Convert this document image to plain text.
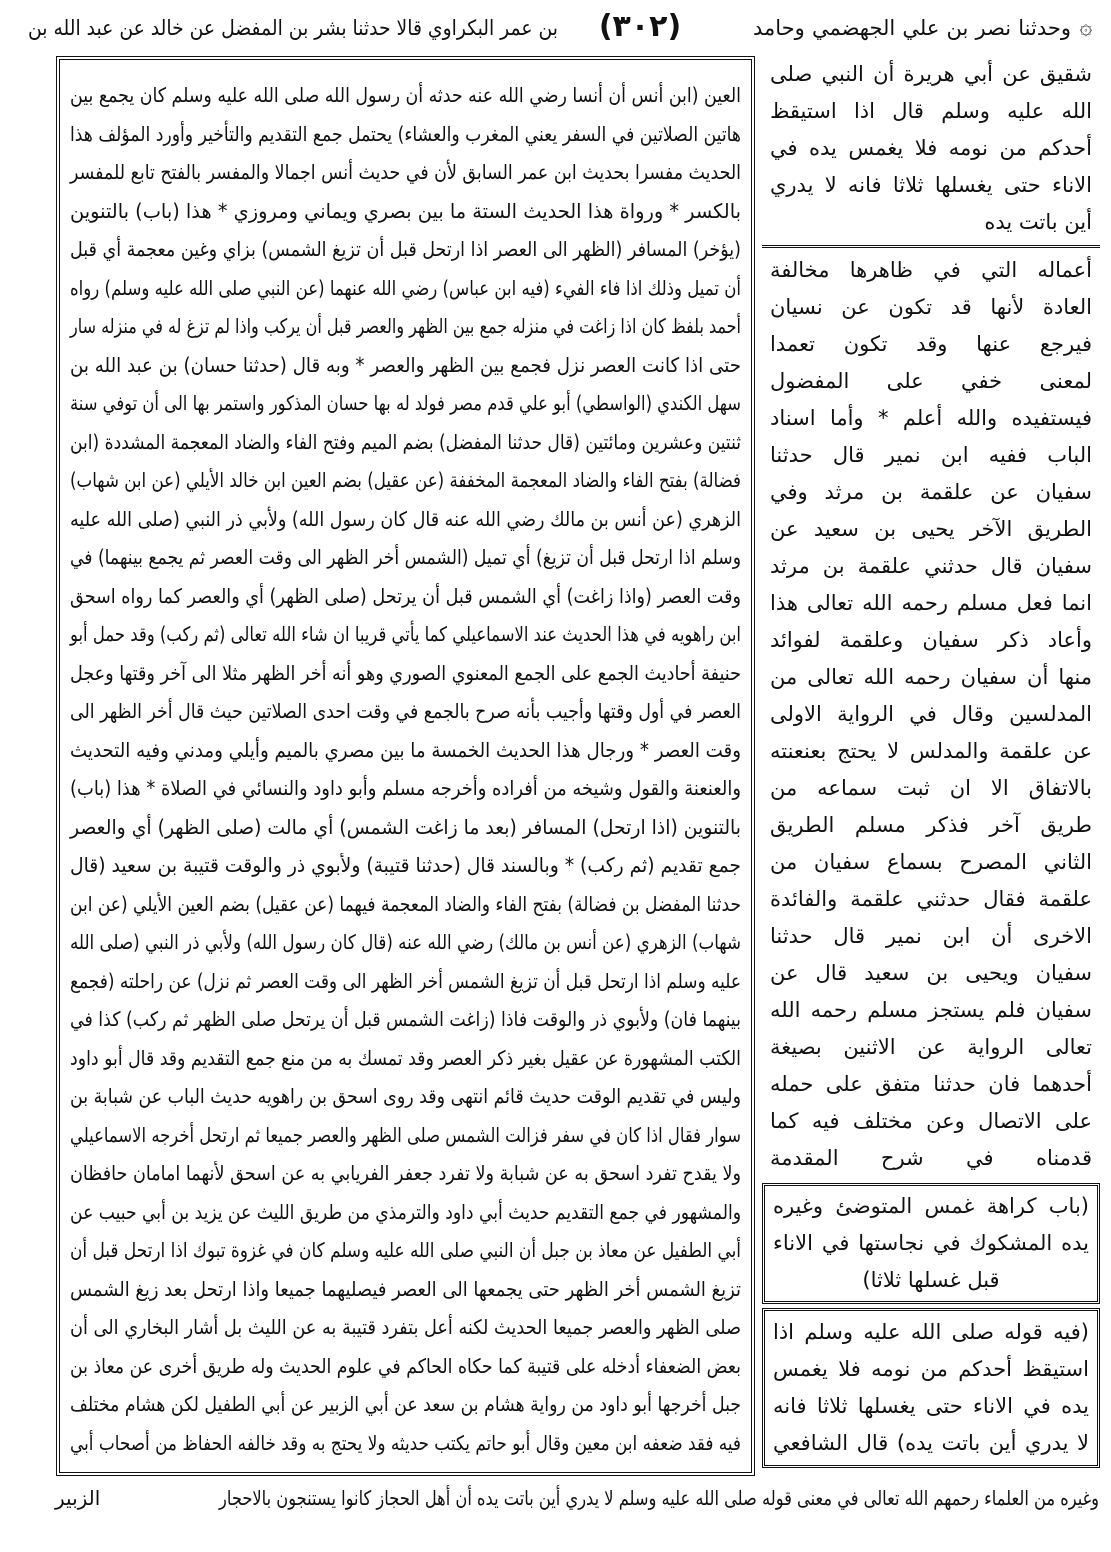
۞
وحدثنا نصر بن علي الجهضمي وحامد
(٣٠٢)
بن عمر البكراوي قالا حدثنا بشر بن المفضل عن خالد عن عبد الله بن
العين (ابن أنس أن أنسا رضي الله عنه حدثه أن رسول الله صلى الله عليه وسلم كان يجمع بين
هاتين الصلاتين في السفر يعني المغرب والعشاء) يحتمل جمع التقديم والتأخير وأورد المؤلف هذا
الحديث مفسرا بحديث ابن عمر السابق لأن في حديث أنس اجمالا والمفسر بالفتح تابع للمفسر
بالكسر * ورواة هذا الحديث الستة ما بين بصري ويماني ومروزي * هذا (باب) بالتنوين
(يؤخر) المسافر (الظهر الى العصر اذا ارتحل قبل أن تزيغ الشمس) بزاي وغين معجمة أي قبل
أن تميل وذلك اذا فاء الفيء (فيه ابن عباس) رضي الله عنهما (عن النبي صلى الله عليه وسلم) رواه
أحمد بلفظ كان اذا زاغت في منزله جمع بين الظهر والعصر قبل أن يركب واذا لم تزغ له في منزله سار
حتى اذا كانت العصر نزل فجمع بين الظهر والعصر * وبه قال (حدثنا حسان) بن عبد الله بن
سهل الكندي (الواسطي) أبو علي قدم مصر فولد له بها حسان المذكور واستمر بها الى أن توفي سنة
ثنتين وعشرين ومائتين (قال حدثنا المفضل) بضم الميم وفتح الفاء والضاد المعجمة المشددة (ابن
فضالة) بفتح الفاء والضاد المعجمة المخففة (عن عقيل) بضم العين ابن خالد الأيلي (عن ابن شهاب)
الزهري (عن أنس بن مالك رضي الله عنه قال كان رسول الله) ولأبي ذر النبي (صلى الله عليه
وسلم اذا ارتحل قبل أن تزيغ) أي تميل (الشمس أخر الظهر الى وقت العصر ثم يجمع بينهما) في
وقت العصر (واذا زاغت) أي الشمس قبل أن يرتحل (صلى الظهر) أي والعصر كما رواه اسحق
ابن راهويه في هذا الحديث عند الاسماعيلي كما يأتي قريبا ان شاء الله تعالى (ثم ركب) وقد حمل أبو
حنيفة أحاديث الجمع على الجمع المعنوي الصوري وهو أنه أخر الظهر مثلا الى آخر وقتها وعجل
العصر في أول وقتها وأجيب بأنه صرح بالجمع في وقت احدى الصلاتين حيث قال أخر الظهر الى
وقت العصر * ورجال هذا الحديث الخمسة ما بين مصري بالميم وأيلي ومدني وفيه التحديث
والعنعنة والقول وشيخه من أفراده وأخرجه مسلم وأبو داود والنسائي في الصلاة * هذا (باب)
بالتنوين (اذا ارتحل) المسافر (بعد ما زاغت الشمس) أي مالت (صلى الظهر) أي والعصر
جمع تقديم (ثم ركب) * وبالسند قال (حدثنا قتيبة) ولأبوي ذر والوقت قتيبة بن سعيد (قال
حدثنا المفضل بن فضالة) بفتح الفاء والضاد المعجمة فيهما (عن عقيل) بضم العين الأيلي (عن ابن
شهاب) الزهري (عن أنس بن مالك) رضي الله عنه (قال كان رسول الله) ولأبي ذر النبي (صلى الله
عليه وسلم اذا ارتحل قبل أن تزيغ الشمس أخر الظهر الى وقت العصر ثم نزل) عن راحلته (فجمع
بينهما فان) ولأبوي ذر والوقت فاذا (زاغت الشمس قبل أن يرتحل صلى الظهر ثم ركب) كذا في
الكتب المشهورة عن عقيل بغير ذكر العصر وقد تمسك به من منع جمع التقديم وقد قال أبو داود
وليس في تقديم الوقت حديث قائم انتهى وقد روى اسحق بن راهويه حديث الباب عن شبابة بن
سوار فقال اذا كان في سفر فزالت الشمس صلى الظهر والعصر جميعا ثم ارتحل أخرجه الاسماعيلي
ولا يقدح تفرد اسحق به عن شبابة ولا تفرد جعفر الفريابي به عن اسحق لأنهما امامان حافظان
والمشهور في جمع التقديم حديث أبي داود والترمذي من طريق الليث عن يزيد بن أبي حبيب عن
أبي الطفيل عن معاذ بن جبل أن النبي صلى الله عليه وسلم كان في غزوة تبوك اذا ارتحل قبل أن
تزيغ الشمس أخر الظهر حتى يجمعها الى العصر فيصليهما جميعا واذا ارتحل بعد زيغ الشمس
صلى الظهر والعصر جميعا الحديث لكنه أعل بتفرد قتيبة به عن الليث بل أشار البخاري الى أن
بعض الضعفاء أدخله على قتيبة كما حكاه الحاكم في علوم الحديث وله طريق أخرى عن معاذ بن
جبل أخرجها أبو داود من رواية هشام بن سعد عن أبي الزبير عن أبي الطفيل لكن هشام مختلف
فيه فقد ضعفه ابن معين وقال أبو حاتم يكتب حديثه ولا يحتج به وقد خالفه الحفاظ من أصحاب أبي
شقيق عن أبي هريرة أن النبي صلى
الله عليه وسلم قال اذا استيقظ
أحدكم من نومه فلا يغمس يده في
الاناء حتى يغسلها ثلاثا فانه لا يدري
أين باتت يده
أعماله التي في ظاهرها مخالفة
العادة لأنها قد تكون عن نسيان
فيرجع عنها وقد تكون تعمدا
لمعنى خفي على المفضول
فيستفيده والله أعلم * وأما اسناد
الباب ففيه ابن نمير قال حدثنا
سفيان عن علقمة بن مرثد وفي
الطريق الآخر يحيى بن سعيد عن
سفيان قال حدثني علقمة بن مرثد
انما فعل مسلم رحمه الله تعالى هذا
وأعاد ذكر سفيان وعلقمة لفوائد
منها أن سفيان رحمه الله تعالى من
المدلسين وقال في الرواية الاولى
عن علقمة والمدلس لا يحتج بعنعنته
بالاتفاق الا ان ثبت سماعه من
طريق آخر فذكر مسلم الطريق
الثاني المصرح بسماع سفيان من
علقمة فقال حدثني علقمة والفائدة
الاخرى أن ابن نمير قال حدثنا
سفيان ويحيى بن سعيد قال عن
سفيان فلم يستجز مسلم رحمه الله
تعالى الرواية عن الاثنين بصيغة
أحدهما فان حدثنا متفق على حمله
على الاتصال وعن مختلف فيه كما
قدمناه في شرح المقدمة
(باب كراهة غمس المتوضئ وغيره
يده المشكوك في نجاستها في الاناء
قبل غسلها ثلاثا)
(فيه قوله صلى الله عليه وسلم اذا
استيقظ أحدكم من نومه فلا يغمس
يده في الاناء حتى يغسلها ثلاثا فانه
لا يدري أين باتت يده) قال الشافعي
وغيره من العلماء رحمهم الله تعالى في معنى قوله صلى الله عليه وسلم لا يدري أين باتت يده أن أهل الحجاز كانوا يستنجون بالاحجار
الزبير
